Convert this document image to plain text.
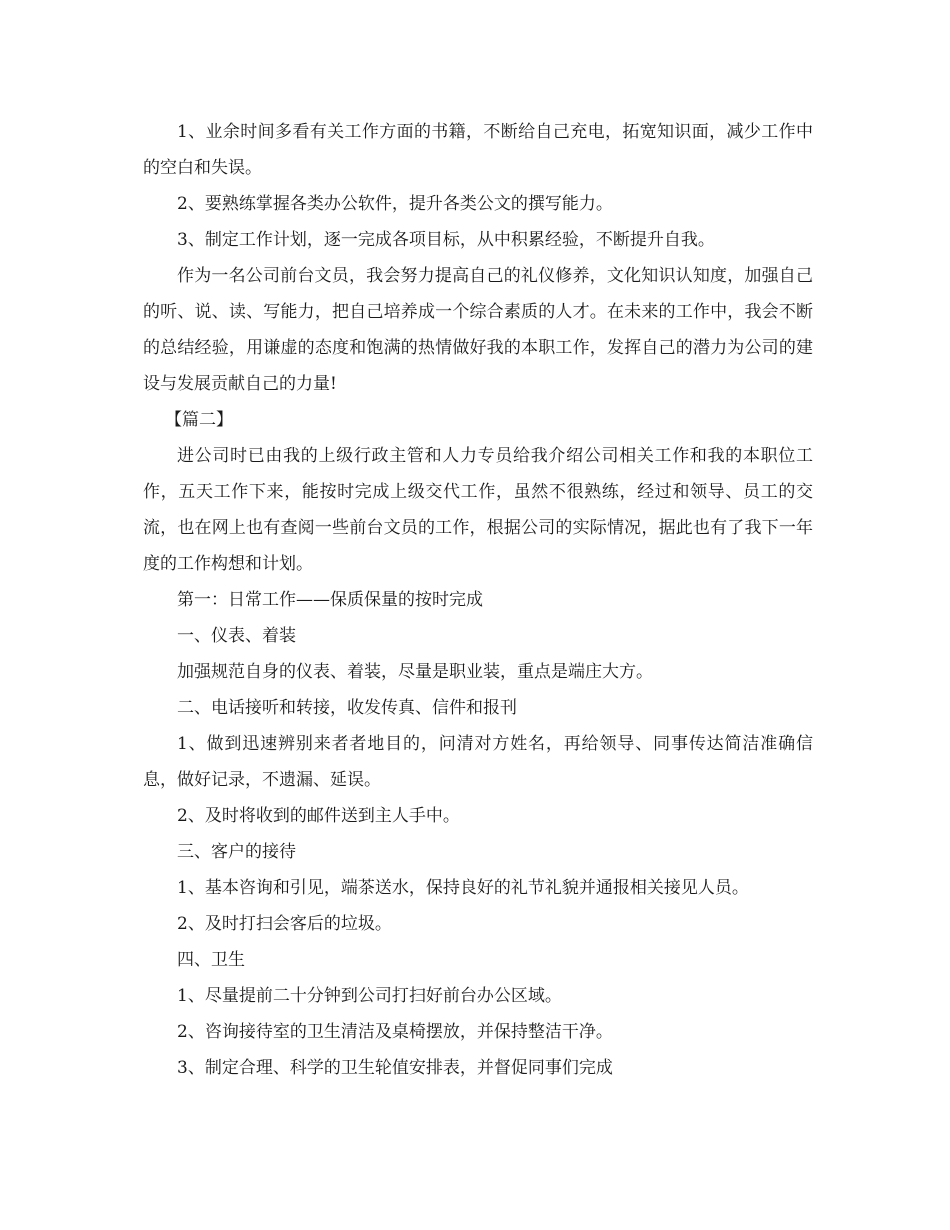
1、业余时间多看有关工作方面的书籍，不断给自己充电，拓宽知识面，减少工作中的空白和失误。

2、要熟练掌握各类办公软件，提升各类公文的撰写能力。

3、制定工作计划，逐一完成各项目标，从中积累经验，不断提升自我。

作为一名公司前台文员，我会努力提高自己的礼仪修养，文化知识认知度，加强自己的听、说、读、写能力，把自己培养成一个综合素质的人才。在未来的工作中，我会不断的总结经验，用谦虚的态度和饱满的热情做好我的本职工作，发挥自己的潜力为公司的建设与发展贡献自己的力量!

【篇二】

进公司时已由我的上级行政主管和人力专员给我介绍公司相关工作和我的本职位工作，五天工作下来，能按时完成上级交代工作，虽然不很熟练，经过和领导、员工的交流，也在网上也有查阅一些前台文员的工作，根据公司的实际情况，据此也有了我下一年度的工作构想和计划。

第一：日常工作——保质保量的按时完成

一、仪表、着装

加强规范自身的仪表、着装，尽量是职业装，重点是端庄大方。

二、电话接听和转接，收发传真、信件和报刊

1、做到迅速辨别来者者地目的，问清对方姓名，再给领导、同事传达简洁准确信息，做好记录，不遗漏、延误。

2、及时将收到的邮件送到主人手中。

三、客户的接待

1、基本咨询和引见，端茶送水，保持良好的礼节礼貌并通报相关接见人员。

2、及时打扫会客后的垃圾。

四、卫生

1、尽量提前二十分钟到公司打扫好前台办公区域。

2、咨询接待室的卫生清洁及桌椅摆放，并保持整洁干净。

3、制定合理、科学的卫生轮值安排表，并督促同事们完成
